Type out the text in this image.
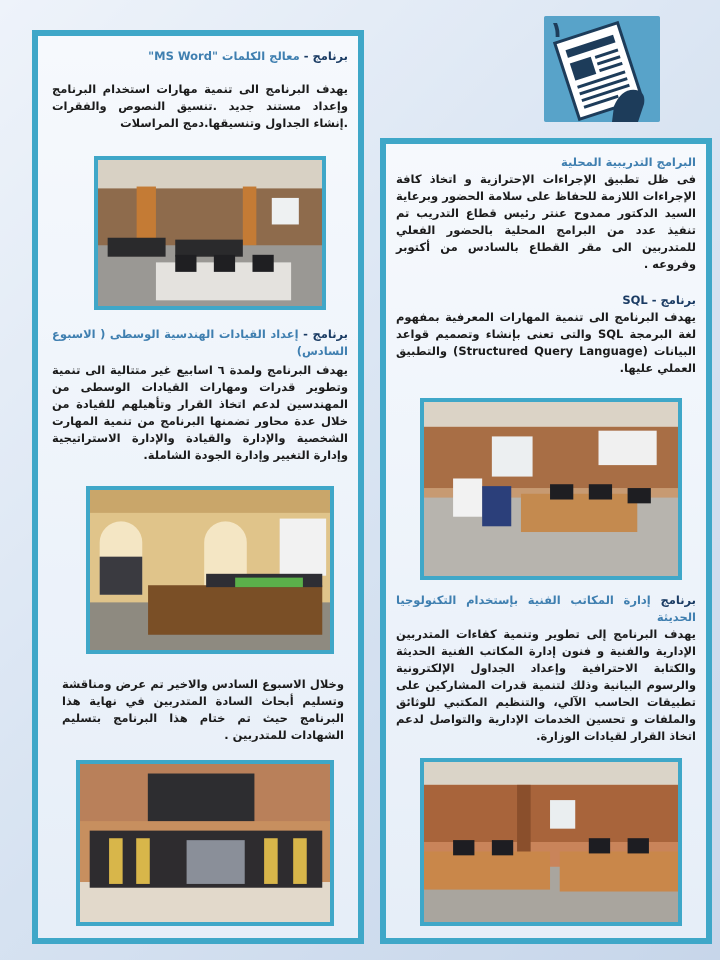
١
برنامج - معالج الكلمات "MS Word"
يهدف البرنامج الى تنمية مهارات استخدام البرنامج وإعداد مستند جديد .تنسيق النصوص والفقرات .إنشاء الجداول وتنسيقها.دمج المراسلات
برنامج - إعداد القيادات الهندسية الوسطى ( الاسبوع السادس)
يهدف البرنامج ولمدة ٦ اسابيع غير متتالية الى تنمية وتطوير قدرات ومهارات القيادات الوسطى من المهندسين لدعم اتخاذ القرار وتأهيلهم للقيادة من خلال عدة محاور تضمنها البرنامج من تنمية المهارت الشخصية والإدارة والقيادة والإدارة الاستراتيجية وإدارة التغيير وإدارة الجودة الشاملة.
وخلال الاسبوع السادس والاخير تم عرض ومناقشة وتسليم أبحاث السادة المتدربين في نهاية هذا البرنامج حيث تم ختام هذا البرنامج بتسليم الشهادات للمتدربين .
البرامج التدريبية المحلية
فى ظل تطبيق الإجراءات الإحترازية و اتخاذ كافة الإجراءات اللازمة للحفاظ على سلامة الحضور وبرعاية السيد الدكتور ممدوح عنتر رئيس قطاع التدريب تم تنفيذ عدد من البرامج المحلية بالحضور الفعلي للمتدربين الى مقر القطاع بالسادس من أكتوبر وفروعه .
برنامج - SQL
يهدف البرنامج الى تنمية المهارات المعرفية بمفهوم لغة البرمجة SQL والتى تعنى بإنشاء وتصميم قواعد البيانات (Structured Query Language) والتطبيق العملي عليها.
برنامج إدارة المكاتب الفنية بإستخدام التكنولوجيا الحديثة
يهدف البرنامج إلى تطوير وتنمية كفاءات المتدربين الإدارية والفنية و فنون إدارة المكاتب الفنية الحديثة والكتابة الاحترافية وإعداد الجداول الإلكترونية والرسوم البيانية وذلك لتنمية قدرات المشاركين على تطبيقات الحاسب الآلي، والتنظيم المكتبي للوثائق والملفات و تحسين الخدمات الإدارية والتواصل لدعم اتخاذ القرار لقيادات الوزارة.
